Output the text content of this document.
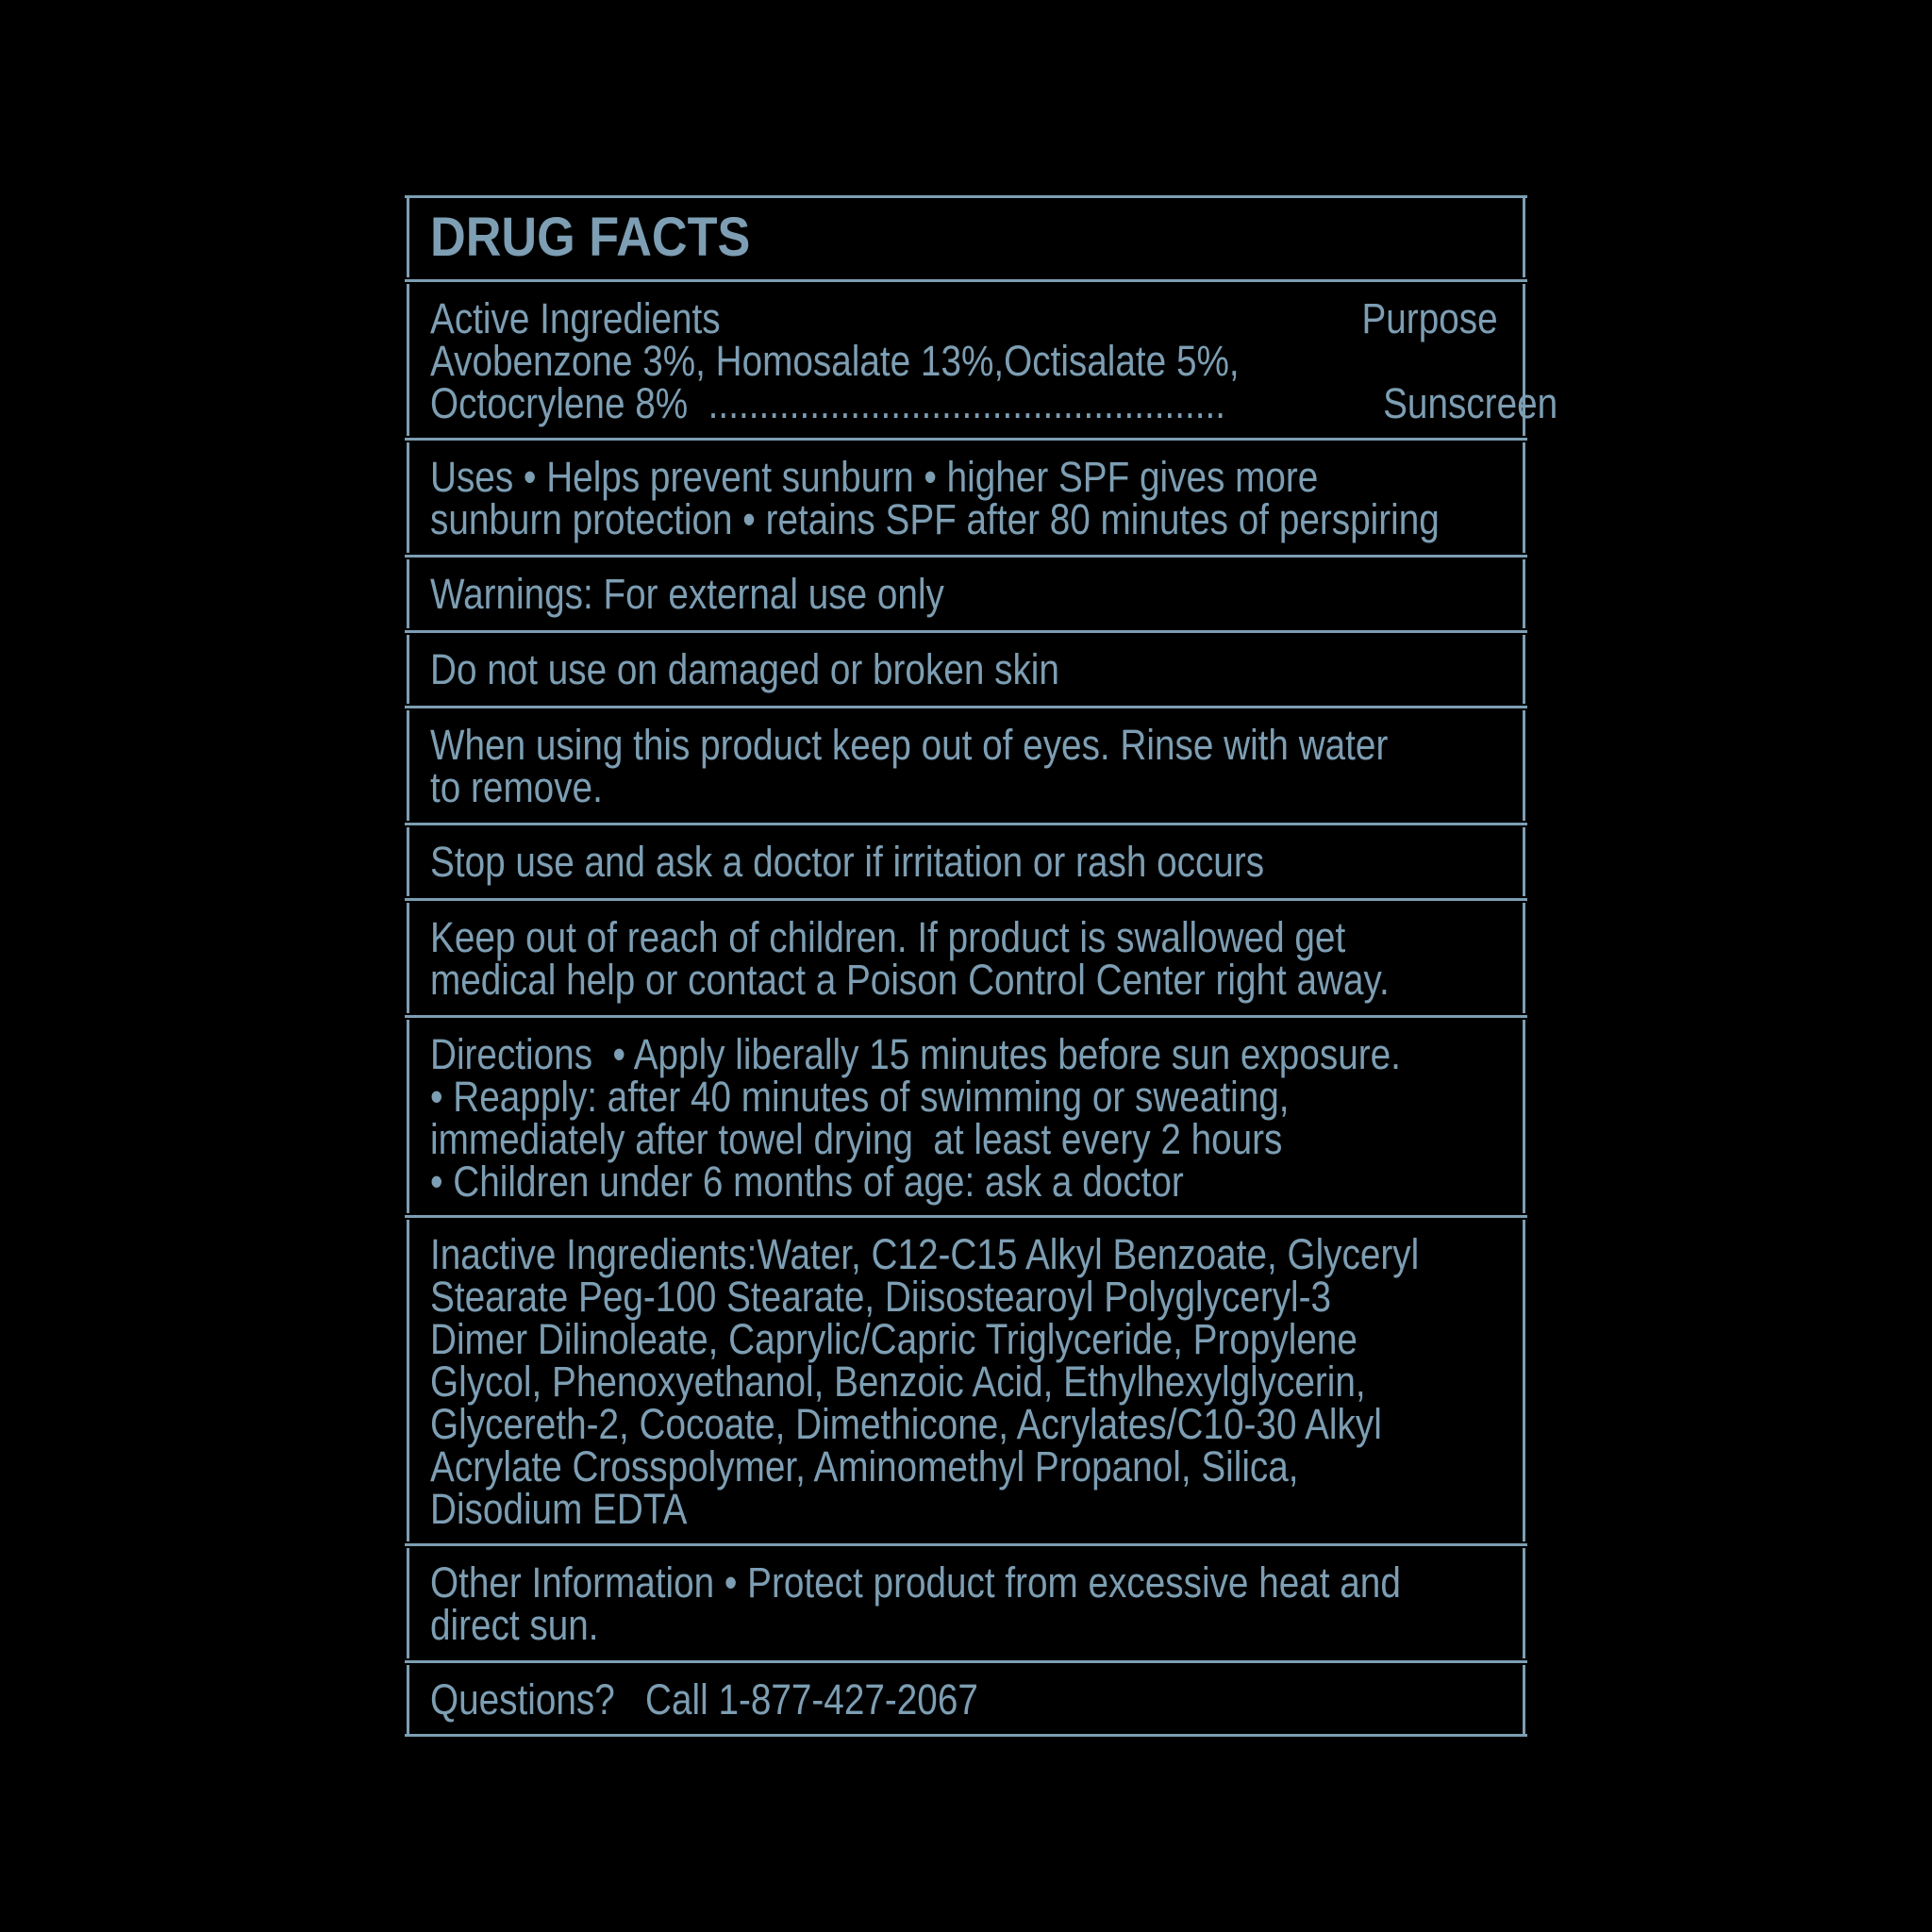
DRUG FACTS
Active Ingredients	Purpose
Avobenzone 3%, Homosalate 13%,Octisalate 5%,
Octocrylene 8%  ...................................................	Sunscreen
Uses • Helps prevent sunburn • higher SPF gives more
sunburn protection • retains SPF after 80 minutes of perspiring
Warnings: For external use only
Do not use on damaged or broken skin
When using this product keep out of eyes. Rinse with water
to remove.
Stop use and ask a doctor if irritation or rash occurs
Keep out of reach of children. If product is swallowed get
medical help or contact a Poison Control Center right away.
Directions  • Apply liberally 15 minutes before sun exposure.
• Reapply: after 40 minutes of swimming or sweating,
immediately after towel drying  at least every 2 hours
• Children under 6 months of age: ask a doctor
Inactive Ingredients:Water, C12-C15 Alkyl Benzoate, Glyceryl
Stearate Peg-100 Stearate, Diisostearoyl Polyglyceryl-3
Dimer Dilinoleate, Caprylic/Capric Triglyceride, Propylene
Glycol, Phenoxyethanol, Benzoic Acid, Ethylhexylglycerin,
Glycereth-2, Cocoate, Dimethicone, Acrylates/C10-30 Alkyl
Acrylate Crosspolymer, Aminomethyl Propanol, Silica,
Disodium EDTA
Other Information • Protect product from excessive heat and
direct sun.
Questions?   Call 1-877-427-2067
